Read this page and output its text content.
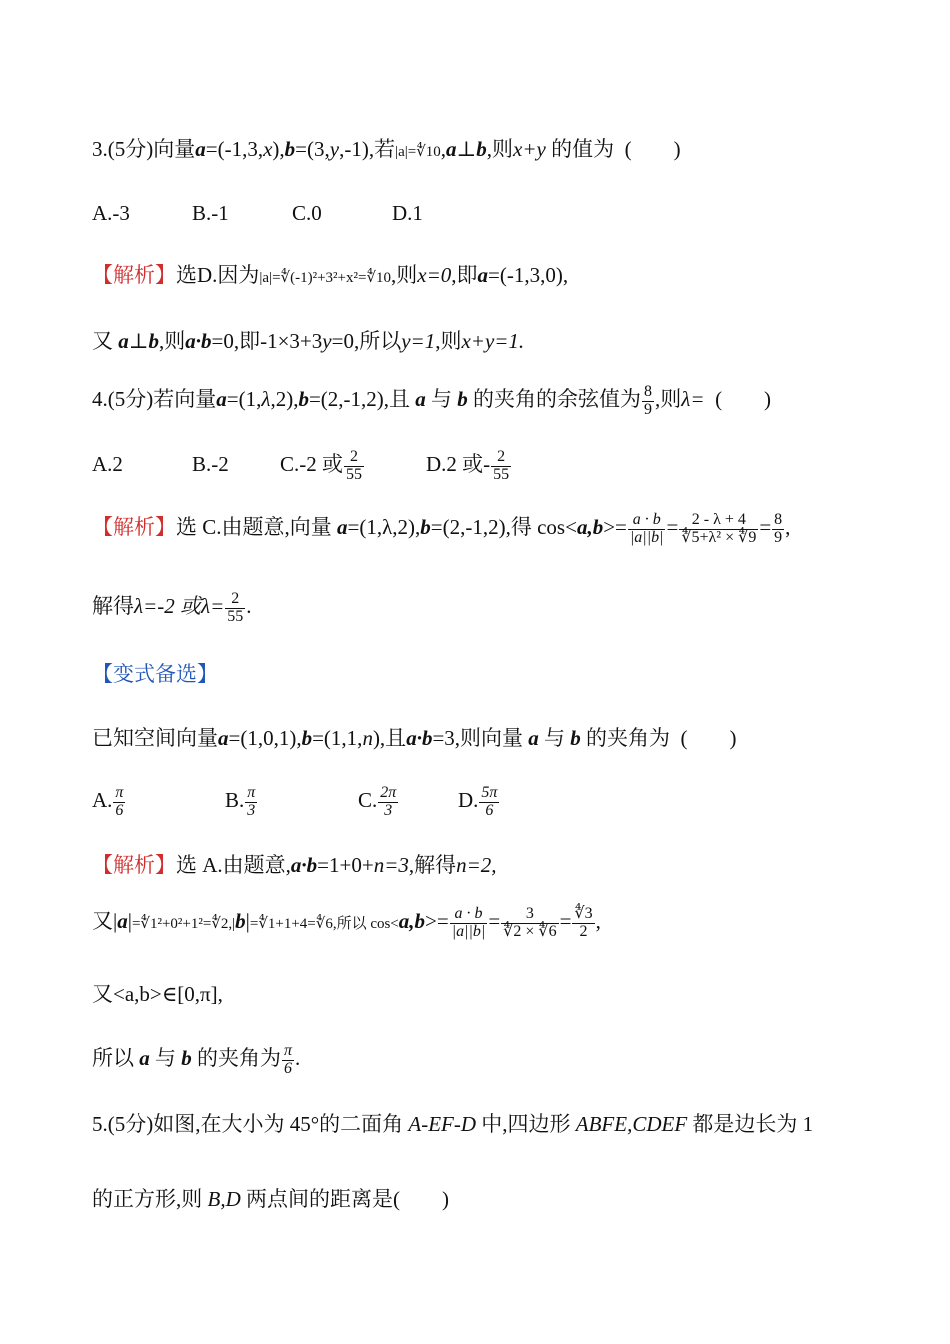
3.(5分)向量a=(-1,3,x),b=(3,y,-1),若|a|=∜10,a⊥b,则x+y 的值为 (　　)
A.-3	B.-1	C.0	D.1
【解析】选D.因为|a|=∜(-1)²+3²+x²=∜10,则x=0,即a=(-1,3,0),
又 a⊥b,则a·b=0,即-1×3+3y=0,所以y=1,则x+y=1.
4.(5分)若向量a=(1,λ,2),b=(2,-1,2),且 a 与 b 的夹角的余弦值为 $\frac{8}{9}$ ,则λ= (　　)
A.2	B.-2 C.-2 或 $\frac{2}{55}$	D.2 或- $\frac{2}{55}$
【解析】选 C.由题意,向量 a=(1,λ,2),b=(2,-1,2),得 $\cos<a,b>= \frac{a \cdot b}{|a||b|} = \frac{2 - \lambda + 4}{\text{∜5+λ² × ∜9}} = \frac{8}{9}$ ,
解得λ=-2 或$\lambda= \frac{2}{55}$ .
【变式备选】
已知空间向量a=(1,0,1),b=(1,1,n),且a·b=3,则向量 a 与 b 的夹角为 (　　)
A. $\frac{\pi}{6}$	B. $\frac{\pi}{3}$	C. $\frac{2\pi}{3}$	D. $\frac{5\pi}{6}$
【解析】选 A.由题意,a·b=1+0+n=3,解得n=2,
又|a|=∜1²+0²+1²=∜2,|b|=∜1+1+4=∜6,所以 $\cos<a,b>= \frac{a \cdot b}{|a||b|} = \frac{3}{∜2 \times ∜6} = \frac{∜3}{2}$ ,
又<a,b>∈[0,π],
所以 a 与 b 的夹角为 $\frac{\pi}{6}$ .
5.(5分)如图,在大小为 45°的二面角 A-EF-D 中,四边形 ABFE,CDEF 都是边长为 1
的正方形,则 B,D 两点间的距离是(　　)
